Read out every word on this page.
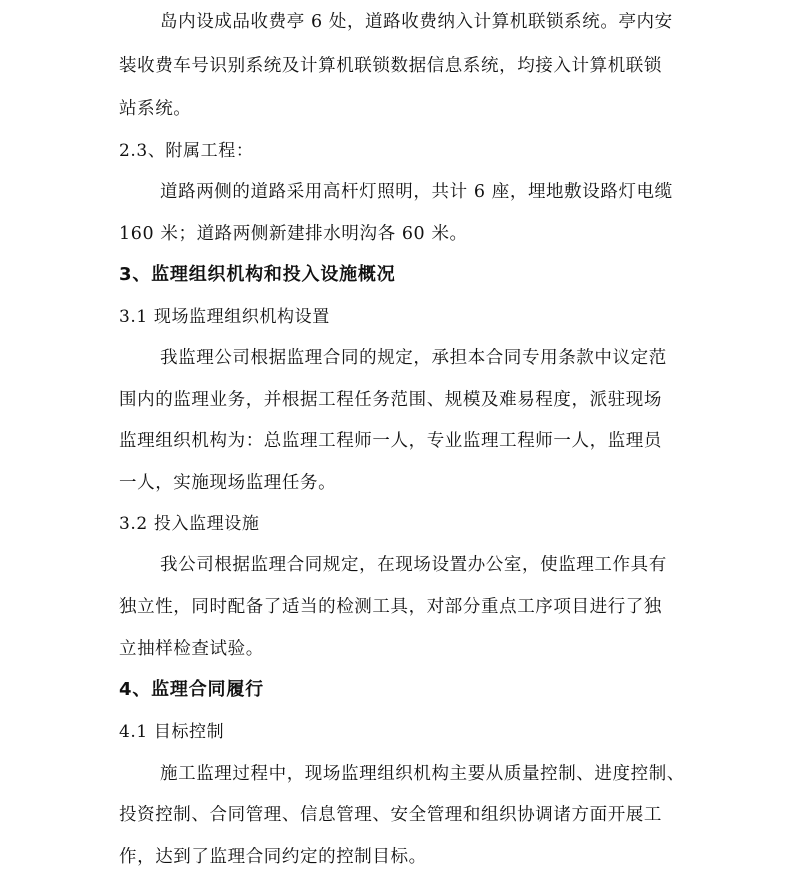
岛内设成品收费亭 6 处，道路收费纳入计算机联锁系统。亭内安
装收费车号识别系统及计算机联锁数据信息系统，均接入计算机联锁
站系统。
2.3、附属工程：
道路两侧的道路采用高杆灯照明，共计 6 座，埋地敷设路灯电缆
160 米；道路两侧新建排水明沟各 60 米。
3、监理组织机构和投入设施概况
3.1 现场监理组织机构设置
我监理公司根据监理合同的规定，承担本合同专用条款中议定范
围内的监理业务，并根据工程任务范围、规模及难易程度，派驻现场
监理组织机构为：总监理工程师一人，专业监理工程师一人，监理员
一人，实施现场监理任务。
3.2 投入监理设施
我公司根据监理合同规定，在现场设置办公室，使监理工作具有
独立性，同时配备了适当的检测工具，对部分重点工序项目进行了独
立抽样检查试验。
4、监理合同履行
4.1 目标控制
施工监理过程中，现场监理组织机构主要从质量控制、进度控制、
投资控制、合同管理、信息管理、安全管理和组织协调诸方面开展工
作，达到了监理合同约定的控制目标。
